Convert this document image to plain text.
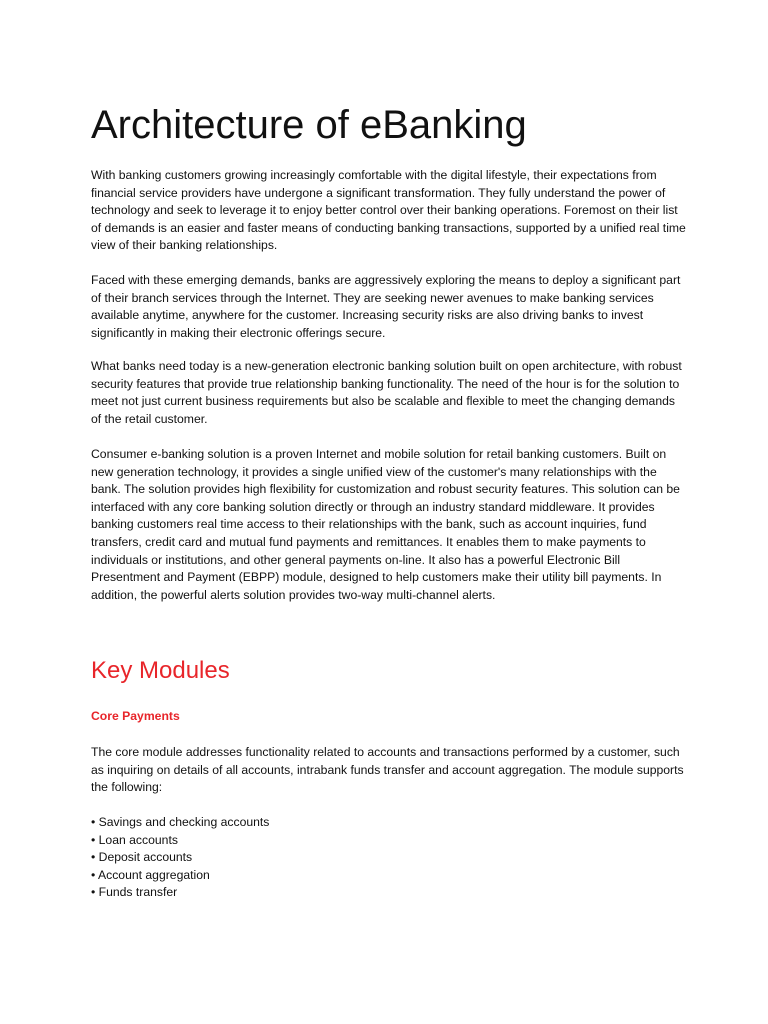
Architecture of eBanking

With banking customers growing increasingly comfortable with the digital lifestyle, their expectations from financial service providers have undergone a significant transformation. They fully understand the power of technology and seek to leverage it to enjoy better control over their banking operations. Foremost on their list of demands is an easier and faster means of conducting banking transactions, supported by a unified real time view of their banking relationships.

Faced with these emerging demands, banks are aggressively exploring the means to deploy a significant part of their branch services through the Internet. They are seeking newer avenues to make banking services available anytime, anywhere for the customer. Increasing security risks are also driving banks to invest significantly in making their electronic offerings secure.

What banks need today is a new-generation electronic banking solution built on open architecture, with robust security features that provide true relationship banking functionality. The need of the hour is for the solution to meet not just current business requirements but also be scalable and flexible to meet the changing demands of the retail customer.

Consumer e-banking solution is a proven Internet and mobile solution for retail banking customers. Built on new generation technology, it provides a single unified view of the customer's many relationships with the bank. The solution provides high flexibility for customization and robust security features. This solution can be interfaced with any core banking solution directly or through an industry standard middleware. It provides banking customers real time access to their relationships with the bank, such as account inquiries, fund transfers, credit card and mutual fund payments and remittances. It enables them to make payments to individuals or institutions, and other general payments on-line. It also has a powerful Electronic Bill Presentment and Payment (EBPP) module, designed to help customers make their utility bill payments. In addition, the powerful alerts solution provides two-way multi-channel alerts.

Key Modules
Core Payments

The core module addresses functionality related to accounts and transactions performed by a customer, such as inquiring on details of all accounts, intrabank funds transfer and account aggregation. The module supports the following:

• Savings and checking accounts
• Loan accounts
• Deposit accounts
• Account aggregation
• Funds transfer
